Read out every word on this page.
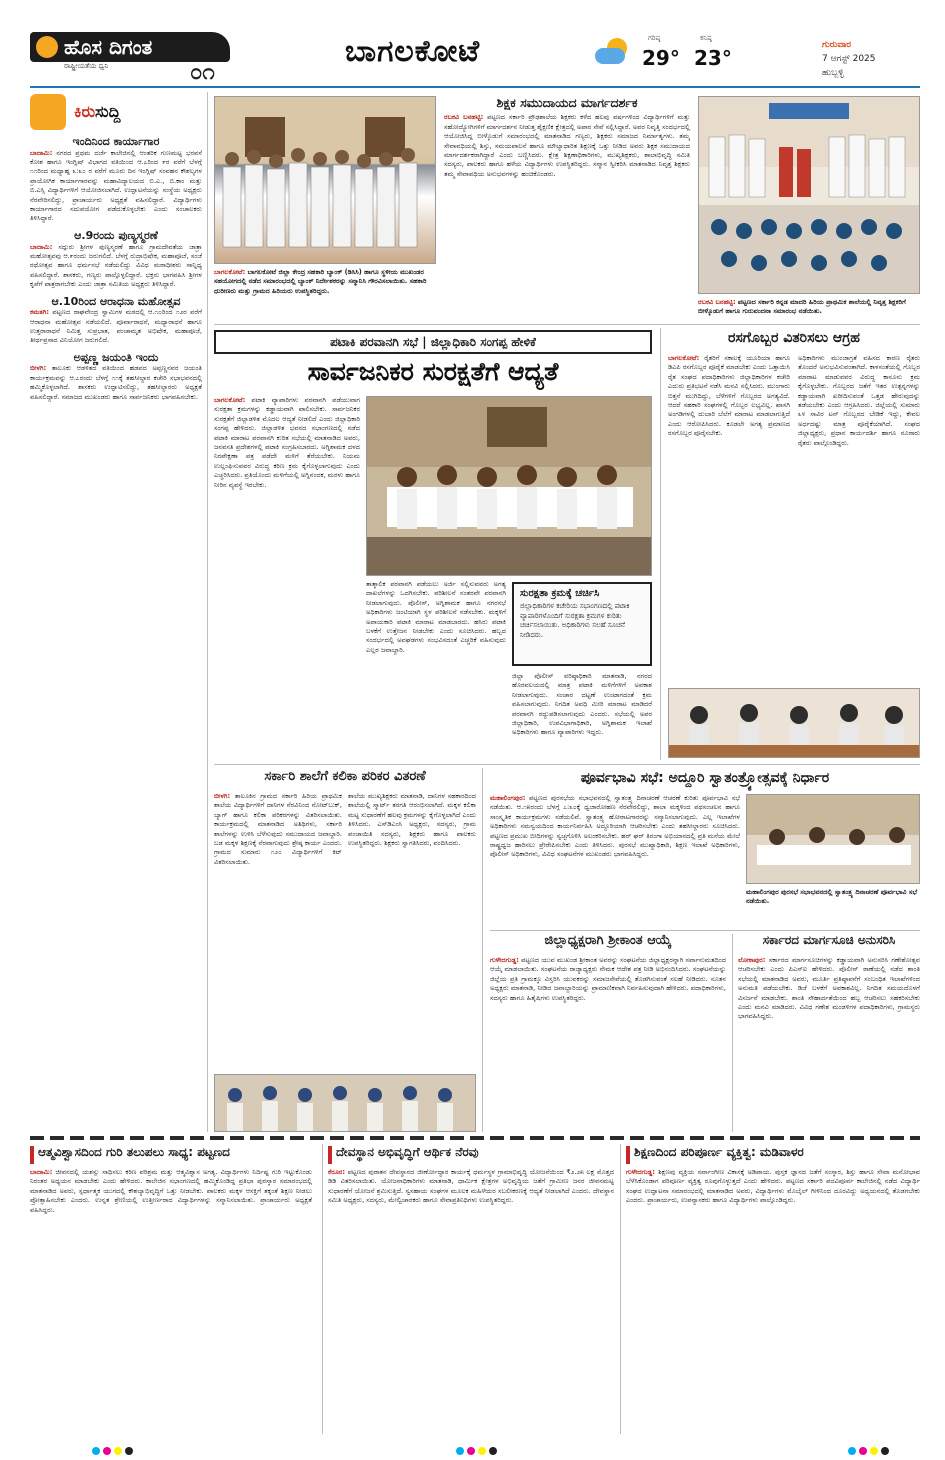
ಹೊಸ ದಿಗಂತ
ರಾಷ್ಟ್ರೀಯತೆಯ ಧ್ವನಿ	೦೧
ಬಾಗಲಕೋಟೆ	ಗರಿಷ್ಠ
29°
ಕನಿಷ್ಠ
23°
ಗುರುವಾರ
7 ಆಗಸ್ಟ್ 2025
ಹುಬ್ಬಳ್ಳಿ
ಕಿರುಸುದ್ದಿ
ಇಂದಿನಿಂದ ಕಾರ್ಯಾಗಾರ

ಬಾದಾಮಿ: ನಗರದ ಪ್ರಥಮ ದರ್ಜೆ ಕಾಲೇಜಿನಲ್ಲಿ ಆಂತರಿಕ ಗುಣಮಟ್ಟ ಭರವಸೆ ಕೋಶ ಹಾಗೂ ಇಂಗ್ಲಿಷ್ ವಿಭಾಗದ ವತಿಯಿಂದ ಆ.೭ರಿಂದ ೯ರ ವರೆಗೆ ಬೆಳಗ್ಗೆ ೧೧ರಿಂದ ಮಧ್ಯಾಹ್ನ ೩:೩೦ ರ ವರೆಗೆ ಮೂರು ದಿನ ಇಂಗ್ಲಿಷ್ ಸಂವಹನ ಕೌಶಲ್ಯಗಳ ಪ್ರಾಯೋಗಿಕ ಕಾರ್ಯಾಗಾರವನ್ನು ಮಹಾವಿದ್ಯಾಲಯದ ಬಿ.ಎ., ಬಿ.ಕಾಂ ಮತ್ತು ಬಿ.ಎಸ್ಸಿ ವಿದ್ಯಾರ್ಥಿಗಳಿಗೆ ಆಯೋಜಿಸಲಾಗಿದೆ. ಉದ್ಘಾಟನೆಯನ್ನು ಸಂಸ್ಥೆಯ ಅಧ್ಯಕ್ಷರು ನೆರವೇರಿಸಲಿದ್ದು, ಪ್ರಾಚಾರ್ಯರು ಅಧ್ಯಕ್ಷತೆ ವಹಿಸಲಿದ್ದಾರೆ. ವಿದ್ಯಾರ್ಥಿಗಳು ಕಾರ್ಯಾಗಾರದ ಸದುಪಯೋಗ ಪಡೆದುಕೊಳ್ಳಬೇಕು ಎಂದು ಸಂಚಾಲಕರು ತಿಳಿಸಿದ್ದಾರೆ.

ಆ.9ರಂದು ಪುಣ್ಯಸ್ಮರಣೆ

ಬಾದಾಮಿ: ಸದ್ಗುರು ಶ್ರೀಗಳ ಪುಣ್ಯಸ್ಮರಣೆ ಹಾಗೂ ಗ್ರಾಮದೇವತೆಯ ಜಾತ್ರಾ ಮಹೋತ್ಸವವು ಆ.೯ರಂದು ಜರುಗಲಿದೆ. ಬೆಳಗ್ಗೆ ರುದ್ರಾಭಿಷೇಕ, ಮಹಾಪೂಜೆ, ಸಂಜೆ ರಥೋತ್ಸವ ಹಾಗೂ ಧರ್ಮಸಭೆ ನಡೆಯಲಿದ್ದು ವಿವಿಧ ಮಠಾಧೀಶರು ಸಾನ್ನಿಧ್ಯ ವಹಿಸಲಿದ್ದಾರೆ. ಶಾಸಕರು, ಗಣ್ಯರು ಪಾಲ್ಗೊಳ್ಳಲಿದ್ದಾರೆ. ಭಕ್ತರು ಭಾಗವಹಿಸಿ ಶ್ರೀಗಳ ಕೃಪೆಗೆ ಪಾತ್ರರಾಗಬೇಕು ಎಂದು ಜಾತ್ರಾ ಸಮಿತಿಯ ಅಧ್ಯಕ್ಷರು ತಿಳಿಸಿದ್ದಾರೆ.

ಆ.10ರಿಂದ ಆರಾಧನಾ ಮಹೋತ್ಸವ

ಕಮತಗಿ: ಪಟ್ಟಣದ ರಾಘವೇಂದ್ರ ಸ್ವಾಮಿಗಳ ಮಠದಲ್ಲಿ ಆ.೧೦ರಿಂದ ೧೨ರ ವರೆಗೆ ಆರಾಧನಾ ಮಹೋತ್ಸವ ನಡೆಯಲಿದೆ. ಪೂರ್ವಾರಾಧನೆ, ಮಧ್ಯಾರಾಧನೆ ಹಾಗೂ ಉತ್ತರಾರಾಧನೆ ನಿಮಿತ್ತ ಸುಪ್ರಭಾತ, ಪಂಚಾಮೃತ ಅಭಿಷೇಕ, ಮಹಾಪೂಜೆ, ತೀರ್ಥಪ್ರಸಾದ ವಿನಿಯೋಗ ಜರುಗಲಿದೆ.

ಅಪ್ಪಣ್ಣ ಜಯಂತಿ ಇಂದು

ಬೀಳಗಿ: ತಾಲೂಕು ಆಡಳಿತದ ವತಿಯಿಂದ ಹಡಪದ ಅಪ್ಪಣ್ಣನವರ ಜಯಂತಿ ಕಾರ್ಯಕ್ರಮವನ್ನು ಆ.೭ರಂದು ಬೆಳಗ್ಗೆ ೧೧ಕ್ಕೆ ತಹಸೀಲ್ದಾರ ಕಚೇರಿ ಸಭಾಭವನದಲ್ಲಿ ಹಮ್ಮಿಕೊಳ್ಳಲಾಗಿದೆ. ಶಾಸಕರು ಉದ್ಘಾಟಿಸಲಿದ್ದು, ತಹಸೀಲ್ದಾರರು ಅಧ್ಯಕ್ಷತೆ ವಹಿಸಲಿದ್ದಾರೆ. ಸಮಾಜದ ಮುಖಂಡರು ಹಾಗೂ ಸಾರ್ವಜನಿಕರು ಭಾಗವಹಿಸಬೇಕು.

ಬಾಗಲಕೋಟೆ: ಬಾಗಲಕೋಟೆ ಜಿಲ್ಲಾ ಕೇಂದ್ರ ಸಹಕಾರಿ ಬ್ಯಾಂಕ್ (ಡಿಸಿಸಿ) ಹಾಗೂ ಸ್ಥಳೀಯ ಮುಖಂಡರ ಸಹಯೋಗದಲ್ಲಿ ನಡೆದ ಸಮಾರಂಭದಲ್ಲಿ ಬ್ಯಾಂಕ್ ನಿರ್ದೇಶಕರನ್ನು ಸನ್ಮಾನಿಸಿ ಗೌರವಿಸಲಾಯಿತು. ಸಹಕಾರಿ ಧುರೀಣರು ಮತ್ತು ಗ್ರಾಮದ ಹಿರಿಯರು ಉಪಸ್ಥಿತರಿದ್ದರು.
ಶಿಕ್ಷಕ ಸಮುದಾಯದ ಮಾರ್ಗದರ್ಶಕ

ರಬಕವಿ ಬನಹಟ್ಟಿ: ಪಟ್ಟಣದ ಸರ್ಕಾರಿ ಪ್ರೌಢಶಾಲೆಯ ಶಿಕ್ಷಕರು ಕಳೆದ ಹಲವು ವರ್ಷಗಳಿಂದ ವಿದ್ಯಾರ್ಥಿಗಳಿಗೆ ಮತ್ತು ಸಹೋದ್ಯೋಗಿಗಳಿಗೆ ಮಾರ್ಗದರ್ಶನ ನೀಡುತ್ತ ಶೈಕ್ಷಣಿಕ ಕ್ಷೇತ್ರದಲ್ಲಿ ಅಪಾರ ಸೇವೆ ಸಲ್ಲಿಸಿದ್ದಾರೆ. ಅವರ ನಿವೃತ್ತಿ ಸಂದರ್ಭದಲ್ಲಿ ಆಯೋಜಿಸಿದ್ದ ಬೀಳ್ಕೊಡುಗೆ ಸಮಾರಂಭದಲ್ಲಿ ಮಾತನಾಡಿದ ಗಣ್ಯರು, ಶಿಕ್ಷಕರು ಸಮಾಜದ ನಿರ್ಮಾತೃಗಳು. ತಮ್ಮ ಸೇವಾವಧಿಯಲ್ಲಿ ಶಿಸ್ತು, ಸಮಯಪಾಲನೆ ಹಾಗೂ ಮೌಲ್ಯಾಧಾರಿತ ಶಿಕ್ಷಣಕ್ಕೆ ಒತ್ತು ನೀಡಿದ ಅವರು ಶಿಕ್ಷಕ ಸಮುದಾಯದ ಮಾರ್ಗದರ್ಶಕರಾಗಿದ್ದಾರೆ ಎಂದು ಬಣ್ಣಿಸಿದರು. ಕ್ಷೇತ್ರ ಶಿಕ್ಷಣಾಧಿಕಾರಿಗಳು, ಮುಖ್ಯಶಿಕ್ಷಕರು, ಶಾಲಾಭಿವೃದ್ಧಿ ಸಮಿತಿ ಸದಸ್ಯರು, ಪಾಲಕರು ಹಾಗೂ ಹಳೆಯ ವಿದ್ಯಾರ್ಥಿಗಳು ಉಪಸ್ಥಿತರಿದ್ದರು. ಸನ್ಮಾನ ಸ್ವೀಕರಿಸಿ ಮಾತನಾಡಿದ ನಿವೃತ್ತ ಶಿಕ್ಷಕರು ತಮ್ಮ ಸೇವಾವಧಿಯ ಅನುಭವಗಳನ್ನು ಹಂಚಿಕೊಂಡರು.

ರಬಕವಿ ಬನಹಟ್ಟಿ: ಪಟ್ಟಣದ ಸರ್ಕಾರಿ ಕನ್ನಡ ಮಾದರಿ ಹಿರಿಯ ಪ್ರಾಥಮಿಕ ಶಾಲೆಯಲ್ಲಿ ನಿವೃತ್ತ ಶಿಕ್ಷಕರಿಗೆ ಬೀಳ್ಕೊಡುಗೆ ಹಾಗೂ ಗುರುವಂದನಾ ಸಮಾರಂಭ ನಡೆಯಿತು.
ಪಟಾಕಿ ಪರವಾನಗಿ ಸಭೆ | ಜಿಲ್ಲಾಧಿಕಾರಿ ಸಂಗಪ್ಪ ಹೇಳಿಕೆ
ಸಾರ್ವಜನಿಕರ ಸುರಕ್ಷತೆಗೆ ಆದ್ಯತೆ

ಬಾಗಲಕೋಟೆ: ಪಟಾಕಿ ವ್ಯಾಪಾರಿಗಳು ಪರವಾನಗಿ ಪಡೆಯುವಾಗ ಸುರಕ್ಷತಾ ಕ್ರಮಗಳನ್ನು ಕಡ್ಡಾಯವಾಗಿ ಪಾಲಿಸಬೇಕು. ಸಾರ್ವಜನಿಕರ ಸುರಕ್ಷತೆಗೆ ಜಿಲ್ಲಾಡಳಿತ ಮೊದಲ ಆದ್ಯತೆ ನೀಡಲಿದೆ ಎಂದು ಜಿಲ್ಲಾಧಿಕಾರಿ ಸಂಗಪ್ಪ ಹೇಳಿದರು. ಜಿಲ್ಲಾಡಳಿತ ಭವನದ ಸಭಾಂಗಣದಲ್ಲಿ ನಡೆದ ಪಟಾಕಿ ಮಾರಾಟ ಪರವಾನಗಿ ಕುರಿತ ಸಭೆಯಲ್ಲಿ ಮಾತನಾಡಿದ ಅವರು, ಜನವಸತಿ ಪ್ರದೇಶಗಳಲ್ಲಿ ಪಟಾಕಿ ಸಂಗ್ರಹಿಸಬಾರದು. ಅಗ್ನಿಶಾಮಕ ದಳದ ನಿರಪೇಕ್ಷಣಾ ಪತ್ರ ಪಡೆದೇ ಮಳಿಗೆ ತೆರೆಯಬೇಕು. ನಿಯಮ ಉಲ್ಲಂಘಿಸುವವರ ವಿರುದ್ಧ ಕಠಿಣ ಕ್ರಮ ಕೈಗೊಳ್ಳಲಾಗುವುದು ಎಂದು ಎಚ್ಚರಿಸಿದರು. ಪ್ರತಿಯೊಂದು ಮಳಿಗೆಯಲ್ಲಿ ಅಗ್ನಿನಂದಕ, ಮರಳು ಹಾಗೂ ನೀರಿನ ವ್ಯವಸ್ಥೆ ಇರಬೇಕು.

ತಾತ್ಕಾಲಿಕ ಪರವಾನಗಿ ಪಡೆಯಲು ಅರ್ಜಿ ಸಲ್ಲಿಸುವವರು ಅಗತ್ಯ ದಾಖಲೆಗಳನ್ನು ಒದಗಿಸಬೇಕು. ಪರಿಶೀಲನೆ ನಂತರವೇ ಪರವಾನಗಿ ನೀಡಲಾಗುವುದು. ಪೊಲೀಸ್, ಅಗ್ನಿಶಾಮಕ ಹಾಗೂ ನಗರಸಭೆ ಅಧಿಕಾರಿಗಳು ಜಂಟಿಯಾಗಿ ಸ್ಥಳ ಪರಿಶೀಲನೆ ನಡೆಸಬೇಕು. ಮಕ್ಕಳಿಗೆ ಅಪಾಯಕಾರಿ ಪಟಾಕಿ ಮಾರಾಟ ಮಾಡಬಾರದು. ಹಸಿರು ಪಟಾಕಿ ಬಳಕೆಗೆ ಉತ್ತೇಜನ ನೀಡಬೇಕು ಎಂದು ಸೂಚಿಸಿದರು. ಹಬ್ಬದ ಸಂದರ್ಭದಲ್ಲಿ ಅವಘಡಗಳು ಸಂಭವಿಸದಂತೆ ಎಚ್ಚರಿಕೆ ವಹಿಸುವುದು ಎಲ್ಲರ ಜವಾಬ್ದಾರಿ.

ಸುರಕ್ಷತಾ ಕ್ರಮಕ್ಕೆ ಚರ್ಚಿಸಿ
ಜಿಲ್ಲಾಧಿಕಾರಿಗಳ ಕಚೇರಿಯ ಸಭಾಂಗಣದಲ್ಲಿ ಪಟಾಕಿ ವ್ಯಾಪಾರಿಗಳೊಂದಿಗೆ ಸುರಕ್ಷತಾ ಕ್ರಮಗಳ ಕುರಿತು ಚರ್ಚಿಸಲಾಯಿತು. ಅಧಿಕಾರಿಗಳು ಸಲಹೆ ಸೂಚನೆ ನೀಡಿದರು.

ಜಿಲ್ಲಾ ಪೊಲೀಸ್ ವರಿಷ್ಠಾಧಿಕಾರಿ ಮಾತನಾಡಿ, ನಗರದ ಹೊರವಲಯದಲ್ಲಿ ಮಾತ್ರ ಪಟಾಕಿ ಮಳಿಗೆಗಳಿಗೆ ಅವಕಾಶ ನೀಡಲಾಗುವುದು. ಸಂಚಾರ ದಟ್ಟಣೆ ಉಂಟಾಗದಂತೆ ಕ್ರಮ ವಹಿಸಲಾಗುವುದು. ನಿಗದಿತ ಅವಧಿ ಮೀರಿ ಮಾರಾಟ ಮಾಡಿದರೆ ಪರವಾನಗಿ ರದ್ದುಪಡಿಸಲಾಗುವುದು ಎಂದರು. ಸಭೆಯಲ್ಲಿ ಅಪರ ಜಿಲ್ಲಾಧಿಕಾರಿ, ಉಪವಿಭಾಗಾಧಿಕಾರಿ, ಅಗ್ನಿಶಾಮಕ ಇಲಾಖೆ ಅಧಿಕಾರಿಗಳು ಹಾಗೂ ವ್ಯಾಪಾರಿಗಳು ಇದ್ದರು.

ರಸಗೊಬ್ಬರ ವಿತರಿಸಲು ಆಗ್ರಹ

ಬಾಗಲಕೋಟೆ: ರೈತರಿಗೆ ಸಕಾಲಕ್ಕೆ ಯೂರಿಯಾ ಹಾಗೂ ಡಿಎಪಿ ರಸಗೊಬ್ಬರ ಪೂರೈಕೆ ಮಾಡಬೇಕು ಎಂದು ಒತ್ತಾಯಿಸಿ ರೈತ ಸಂಘದ ಪದಾಧಿಕಾರಿಗಳು ಜಿಲ್ಲಾಧಿಕಾರಿಗಳ ಕಚೇರಿ ಎದುರು ಪ್ರತಿಭಟನೆ ನಡೆಸಿ ಮನವಿ ಸಲ್ಲಿಸಿದರು. ಮುಂಗಾರು ಬಿತ್ತನೆ ಮುಗಿದಿದ್ದು, ಬೆಳೆಗಳಿಗೆ ಗೊಬ್ಬರದ ಅಗತ್ಯವಿದೆ. ಆದರೆ ಸಹಕಾರಿ ಸಂಘಗಳಲ್ಲಿ ಗೊಬ್ಬರ ಲಭ್ಯವಿಲ್ಲ. ಖಾಸಗಿ ಅಂಗಡಿಗಳಲ್ಲಿ ದುಬಾರಿ ಬೆಲೆಗೆ ಮಾರಾಟ ಮಾಡಲಾಗುತ್ತಿದೆ ಎಂದು ಆರೋಪಿಸಿದರು. ಕೂಡಲೇ ಅಗತ್ಯ ಪ್ರಮಾಣದ ರಸಗೊಬ್ಬರ ಪೂರೈಸಬೇಕು.

ಅಧಿಕಾರಿಗಳು ಮುಂಜಾಗ್ರತೆ ವಹಿಸದ ಕಾರಣ ರೈತರು ತೊಂದರೆ ಅನುಭವಿಸುವಂತಾಗಿದೆ. ಕಾಳಸಂತೆಯಲ್ಲಿ ಗೊಬ್ಬರ ಮಾರಾಟ ಮಾಡುವವರ ವಿರುದ್ಧ ಕಾನೂನು ಕ್ರಮ ಕೈಗೊಳ್ಳಬೇಕು. ಗೊಬ್ಬರದ ಜತೆಗೆ ಇತರ ಉತ್ಪನ್ನಗಳನ್ನು ಕಡ್ಡಾಯವಾಗಿ ಖರೀದಿಸುವಂತೆ ಒತ್ತಡ ಹೇರುವುದನ್ನು ತಡೆಯಬೇಕು ಎಂದು ಆಗ್ರಹಿಸಿದರು. ಜಿಲ್ಲೆಯಲ್ಲಿ ಸುಮಾರು ೩೪ ಸಾವಿರ ಟನ್ ಗೊಬ್ಬರದ ಬೇಡಿಕೆ ಇದ್ದು, ಕೇವಲ ಅರ್ಧದಷ್ಟು ಮಾತ್ರ ಪೂರೈಕೆಯಾಗಿದೆ. ಸಂಘದ ಜಿಲ್ಲಾಧ್ಯಕ್ಷರು, ಪ್ರಧಾನ ಕಾರ್ಯದರ್ಶಿ ಹಾಗೂ ನೂರಾರು ರೈತರು ಪಾಲ್ಗೊಂಡಿದ್ದರು.

ಸರ್ಕಾರಿ ಶಾಲೆಗೆ ಕಲಿಕಾ ಪರಿಕರ ವಿತರಣೆ

ಬೀಳಗಿ: ತಾಲೂಕಿನ ಗ್ರಾಮದ ಸರ್ಕಾರಿ ಹಿರಿಯ ಪ್ರಾಥಮಿಕ ಶಾಲೆಯ ವಿದ್ಯಾರ್ಥಿಗಳಿಗೆ ದಾನಿಗಳ ನೆರವಿನಿಂದ ನೋಟ್‌ಬುಕ್, ಬ್ಯಾಗ್ ಹಾಗೂ ಕಲಿಕಾ ಪರಿಕರಗಳನ್ನು ವಿತರಿಸಲಾಯಿತು. ಕಾರ್ಯಕ್ರಮದಲ್ಲಿ ಮಾತನಾಡಿದ ಅತಿಥಿಗಳು, ಸರ್ಕಾರಿ ಶಾಲೆಗಳನ್ನು ಉಳಿಸಿ ಬೆಳೆಸುವುದು ಸಮುದಾಯದ ಜವಾಬ್ದಾರಿ. ಬಡ ಮಕ್ಕಳ ಶಿಕ್ಷಣಕ್ಕೆ ನೆರವಾಗುವುದು ಶ್ರೇಷ್ಠ ಕಾರ್ಯ ಎಂದರು. ಗ್ರಾಮದ ಸುಮಾರು ೧೨೦ ವಿದ್ಯಾರ್ಥಿಗಳಿಗೆ ಕಿಟ್ ವಿತರಿಸಲಾಯಿತು.

ಶಾಲೆಯ ಮುಖ್ಯಶಿಕ್ಷಕರು ಮಾತನಾಡಿ, ದಾನಿಗಳ ಸಹಕಾರದಿಂದ ಶಾಲೆಯಲ್ಲಿ ಸ್ಮಾರ್ಟ್ ತರಗತಿ ಆರಂಭಿಸಲಾಗಿದೆ. ಮಕ್ಕಳ ಕಲಿಕಾ ಮಟ್ಟ ಸುಧಾರಣೆಗೆ ಹಲವು ಕ್ರಮಗಳನ್ನು ಕೈಗೊಳ್ಳಲಾಗಿದೆ ಎಂದು ತಿಳಿಸಿದರು. ಎಸ್‌ಡಿಎಂಸಿ ಅಧ್ಯಕ್ಷರು, ಸದಸ್ಯರು, ಗ್ರಾಮ ಪಂಚಾಯಿತಿ ಸದಸ್ಯರು, ಶಿಕ್ಷಕರು ಹಾಗೂ ಪಾಲಕರು ಉಪಸ್ಥಿತರಿದ್ದರು. ಶಿಕ್ಷಕರು ಸ್ವಾಗತಿಸಿದರು, ವಂದಿಸಿದರು.

ಪೂರ್ವಭಾವಿ ಸಭೆ: ಅದ್ದೂರಿ ಸ್ವಾತಂತ್ರ್ಯೋತ್ಸವಕ್ಕೆ ನಿರ್ಧಾರ

ಮಹಾಲಿಂಗಪುರ: ಪಟ್ಟಣದ ಪುರಸಭೆಯ ಸಭಾಭವನದಲ್ಲಿ ಸ್ವಾತಂತ್ರ್ಯ ದಿನಾಚರಣೆ ಆಚರಣೆ ಕುರಿತು ಪೂರ್ವಭಾವಿ ಸಭೆ ನಡೆಯಿತು. ಆ.೧೫ರಂದು ಬೆಳಗ್ಗೆ ೭:೩೦ಕ್ಕೆ ಧ್ವಜಾರೋಹಣ ನೆರವೇರಲಿದ್ದು, ಶಾಲಾ ಮಕ್ಕಳಿಂದ ಪಥಸಂಚಲನ ಹಾಗೂ ಸಾಂಸ್ಕೃತಿಕ ಕಾರ್ಯಕ್ರಮಗಳು ನಡೆಯಲಿವೆ. ಸ್ವಾತಂತ್ರ್ಯ ಹೋರಾಟಗಾರರನ್ನು ಸನ್ಮಾನಿಸಲಾಗುವುದು. ಎಲ್ಲ ಇಲಾಖೆಗಳ ಅಧಿಕಾರಿಗಳು ಸಮನ್ವಯದಿಂದ ಕಾರ್ಯನಿರ್ವಹಿಸಿ ಅದ್ದೂರಿಯಾಗಿ ಆಚರಿಸಬೇಕು ಎಂದು ತಹಸೀಲ್ದಾರರು ಸೂಚಿಸಿದರು. ಪಟ್ಟಣದ ಪ್ರಮುಖ ಬೀದಿಗಳನ್ನು ಸ್ವಚ್ಛಗೊಳಿಸಿ ಅಲಂಕರಿಸಬೇಕು. ಹರ್ ಘರ್ ತಿರಂಗಾ ಅಭಿಯಾನದಲ್ಲಿ ಪ್ರತಿ ಮನೆಯ ಮೇಲೆ ರಾಷ್ಟ್ರಧ್ವಜ ಹಾರಿಸಲು ಪ್ರೇರೇಪಿಸಬೇಕು ಎಂದು ತಿಳಿಸಿದರು. ಪುರಸಭೆ ಮುಖ್ಯಾಧಿಕಾರಿ, ಶಿಕ್ಷಣ ಇಲಾಖೆ ಅಧಿಕಾರಿಗಳು, ಪೊಲೀಸ್ ಅಧಿಕಾರಿಗಳು, ವಿವಿಧ ಸಂಘಟನೆಗಳ ಮುಖಂಡರು ಭಾಗವಹಿಸಿದ್ದರು.

ಮಹಾಲಿಂಗಪುರ ಪುರಸಭೆ ಸಭಾಭವನದಲ್ಲಿ ಸ್ವಾತಂತ್ರ್ಯ ದಿನಾಚರಣೆ ಪೂರ್ವಭಾವಿ ಸಭೆ ನಡೆಯಿತು.
ಜಿಲ್ಲಾಧ್ಯಕ್ಷರಾಗಿ ಶ್ರೀಕಾಂತ ಆಯ್ಕೆ

ಗುಳೇದಗುಡ್ಡ: ಪಟ್ಟಣದ ಯುವ ಮುಖಂಡ ಶ್ರೀಕಾಂತ ಅವರನ್ನು ಸಂಘಟನೆಯ ಜಿಲ್ಲಾಧ್ಯಕ್ಷರನ್ನಾಗಿ ಸರ್ವಾನುಮತದಿಂದ ಆಯ್ಕೆ ಮಾಡಲಾಯಿತು. ಸಂಘಟನೆಯ ರಾಜ್ಯಾಧ್ಯಕ್ಷರು ನೇಮಕ ಆದೇಶ ಪತ್ರ ನೀಡಿ ಅಭಿನಂದಿಸಿದರು. ಸಂಘಟನೆಯನ್ನು ಜಿಲ್ಲೆಯ ಪ್ರತಿ ಗ್ರಾಮಕ್ಕೂ ವಿಸ್ತರಿಸಿ ಯುವಕರನ್ನು ಸಮಾಜಸೇವೆಯಲ್ಲಿ ತೊಡಗಿಸುವಂತೆ ಸಲಹೆ ನೀಡಿದರು. ನೂತನ ಅಧ್ಯಕ್ಷರು ಮಾತನಾಡಿ, ನೀಡಿದ ಜವಾಬ್ದಾರಿಯನ್ನು ಪ್ರಾಮಾಣಿಕವಾಗಿ ನಿರ್ವಹಿಸುವುದಾಗಿ ಹೇಳಿದರು. ಪದಾಧಿಕಾರಿಗಳು, ಸದಸ್ಯರು ಹಾಗೂ ಹಿತೈಷಿಗಳು ಉಪಸ್ಥಿತರಿದ್ದರು.

ಸರ್ಕಾರದ ಮಾರ್ಗಸೂಚಿ ಅನುಸರಿಸಿ

ಲೋಕಾಪುರ: ಸರ್ಕಾರದ ಮಾರ್ಗಸೂಚಿಗಳನ್ನು ಕಡ್ಡಾಯವಾಗಿ ಅನುಸರಿಸಿ ಗಣೇಶೋತ್ಸವ ಆಚರಿಸಬೇಕು ಎಂದು ಪಿಎಸ್‌ಐ ಹೇಳಿದರು. ಪೊಲೀಸ್ ಠಾಣೆಯಲ್ಲಿ ನಡೆದ ಶಾಂತಿ ಸಭೆಯಲ್ಲಿ ಮಾತನಾಡಿದ ಅವರು, ಮೂರ್ತಿ ಪ್ರತಿಷ್ಠಾಪನೆಗೆ ಸಂಬಂಧಿತ ಇಲಾಖೆಗಳಿಂದ ಅನುಮತಿ ಪಡೆಯಬೇಕು. ಡಿಜೆ ಬಳಕೆಗೆ ಅವಕಾಶವಿಲ್ಲ. ನಿಗದಿತ ಸಮಯದೊಳಗೆ ವಿಸರ್ಜನೆ ಮಾಡಬೇಕು. ಶಾಂತಿ ಸೌಹಾರ್ದತೆಯಿಂದ ಹಬ್ಬ ಆಚರಿಸಲು ಸಹಕರಿಸಬೇಕು ಎಂದು ಮನವಿ ಮಾಡಿದರು. ವಿವಿಧ ಗಣೇಶ ಮಂಡಳಿಗಳ ಪದಾಧಿಕಾರಿಗಳು, ಗ್ರಾಮಸ್ಥರು ಭಾಗವಹಿಸಿದ್ದರು.

ಆತ್ಮವಿಶ್ವಾಸದಿಂದ ಗುರಿ ತಲುಪಲು ಸಾಧ್ಯ: ಪಟ್ಟಣದ

ಬಾದಾಮಿ: ಜೀವನದಲ್ಲಿ ಯಶಸ್ಸು ಸಾಧಿಸಲು ಕಠಿಣ ಪರಿಶ್ರಮ ಮತ್ತು ಆತ್ಮವಿಶ್ವಾಸ ಅಗತ್ಯ. ವಿದ್ಯಾರ್ಥಿಗಳು ನಿರ್ದಿಷ್ಟ ಗುರಿ ಇಟ್ಟುಕೊಂಡು ನಿರಂತರ ಅಧ್ಯಯನ ಮಾಡಬೇಕು ಎಂದು ಹೇಳಿದರು. ಕಾಲೇಜಿನ ಸಭಾಂಗಣದಲ್ಲಿ ಹಮ್ಮಿಕೊಂಡಿದ್ದ ಪ್ರತಿಭಾ ಪುರಸ್ಕಾರ ಸಮಾರಂಭದಲ್ಲಿ ಮಾತನಾಡಿದ ಅವರು, ಸ್ಪರ್ಧಾತ್ಮಕ ಯುಗದಲ್ಲಿ ಕೌಶಲ್ಯಾಭಿವೃದ್ಧಿಗೆ ಒತ್ತು ನೀಡಬೇಕು. ಪಾಲಕರು ಮಕ್ಕಳ ಆಸಕ್ತಿಗೆ ತಕ್ಕಂತೆ ಶಿಕ್ಷಣ ನೀಡಲು ಪ್ರೋತ್ಸಾಹಿಸಬೇಕು ಎಂದರು. ಉನ್ನತ ಶ್ರೇಣಿಯಲ್ಲಿ ಉತ್ತೀರ್ಣರಾದ ವಿದ್ಯಾರ್ಥಿಗಳನ್ನು ಸನ್ಮಾನಿಸಲಾಯಿತು. ಪ್ರಾಚಾರ್ಯರು ಅಧ್ಯಕ್ಷತೆ ವಹಿಸಿದ್ದರು.

ದೇವಸ್ಥಾನ ಅಭಿವೃದ್ಧಿಗೆ ಆರ್ಥಿಕ ನೆರವು

ಕೆರೂರ: ಪಟ್ಟಣದ ಪುರಾತನ ದೇವಸ್ಥಾನದ ಜೀರ್ಣೋದ್ಧಾರ ಕಾರ್ಯಕ್ಕೆ ಧರ್ಮಸ್ಥಳ ಗ್ರಾಮಾಭಿವೃದ್ಧಿ ಯೋಜನೆಯಿಂದ ₹೨.೨೫ ಲಕ್ಷ ಮೊತ್ತದ ಡಿಡಿ ವಿತರಿಸಲಾಯಿತು. ಯೋಜನಾಧಿಕಾರಿಗಳು ಮಾತನಾಡಿ, ಧಾರ್ಮಿಕ ಕ್ಷೇತ್ರಗಳ ಅಭಿವೃದ್ಧಿಯ ಜತೆಗೆ ಗ್ರಾಮೀಣ ಜನರ ಜೀವನಮಟ್ಟ ಸುಧಾರಣೆಗೆ ಯೋಜನೆ ಶ್ರಮಿಸುತ್ತಿದೆ. ಸ್ವಸಹಾಯ ಸಂಘಗಳ ಮೂಲಕ ಮಹಿಳೆಯರ ಸಬಲೀಕರಣಕ್ಕೆ ಆದ್ಯತೆ ನೀಡಲಾಗಿದೆ ಎಂದರು. ದೇವಸ್ಥಾನ ಸಮಿತಿ ಅಧ್ಯಕ್ಷರು, ಸದಸ್ಯರು, ಮೇಲ್ವಿಚಾರಕರು ಹಾಗೂ ಸೇವಾಪ್ರತಿನಿಧಿಗಳು ಉಪಸ್ಥಿತರಿದ್ದರು.

ಶಿಕ್ಷಣದಿಂದ ಪರಿಪೂರ್ಣ ವ್ಯಕ್ತಿತ್ವ: ಮಡಿವಾಳರ

ಗುಳೇದಗುಡ್ಡ: ಶಿಕ್ಷಣವು ವ್ಯಕ್ತಿಯ ಸರ್ವಾಂಗೀಣ ವಿಕಾಸಕ್ಕೆ ಅಡಿಪಾಯ. ಪುಸ್ತಕ ಜ್ಞಾನದ ಜತೆಗೆ ಸಂಸ್ಕಾರ, ಶಿಸ್ತು ಹಾಗೂ ಸೇವಾ ಮನೋಭಾವ ಬೆಳೆಸಿಕೊಂಡಾಗ ಪರಿಪೂರ್ಣ ವ್ಯಕ್ತಿತ್ವ ರೂಪುಗೊಳ್ಳುತ್ತದೆ ಎಂದು ಹೇಳಿದರು. ಪಟ್ಟಣದ ಸರ್ಕಾರಿ ಪದವಿಪೂರ್ವ ಕಾಲೇಜಿನಲ್ಲಿ ನಡೆದ ವಿದ್ಯಾರ್ಥಿ ಸಂಘದ ಉದ್ಘಾಟನಾ ಸಮಾರಂಭದಲ್ಲಿ ಮಾತನಾಡಿದ ಅವರು, ವಿದ್ಯಾರ್ಥಿಗಳು ಮೊಬೈಲ್ ಗೀಳಿನಿಂದ ದೂರವಿದ್ದು ಅಧ್ಯಯನದಲ್ಲಿ ತೊಡಗಬೇಕು ಎಂದರು. ಪ್ರಾಚಾರ್ಯರು, ಉಪನ್ಯಾಸಕರು ಹಾಗೂ ವಿದ್ಯಾರ್ಥಿಗಳು ಪಾಲ್ಗೊಂಡಿದ್ದರು.
